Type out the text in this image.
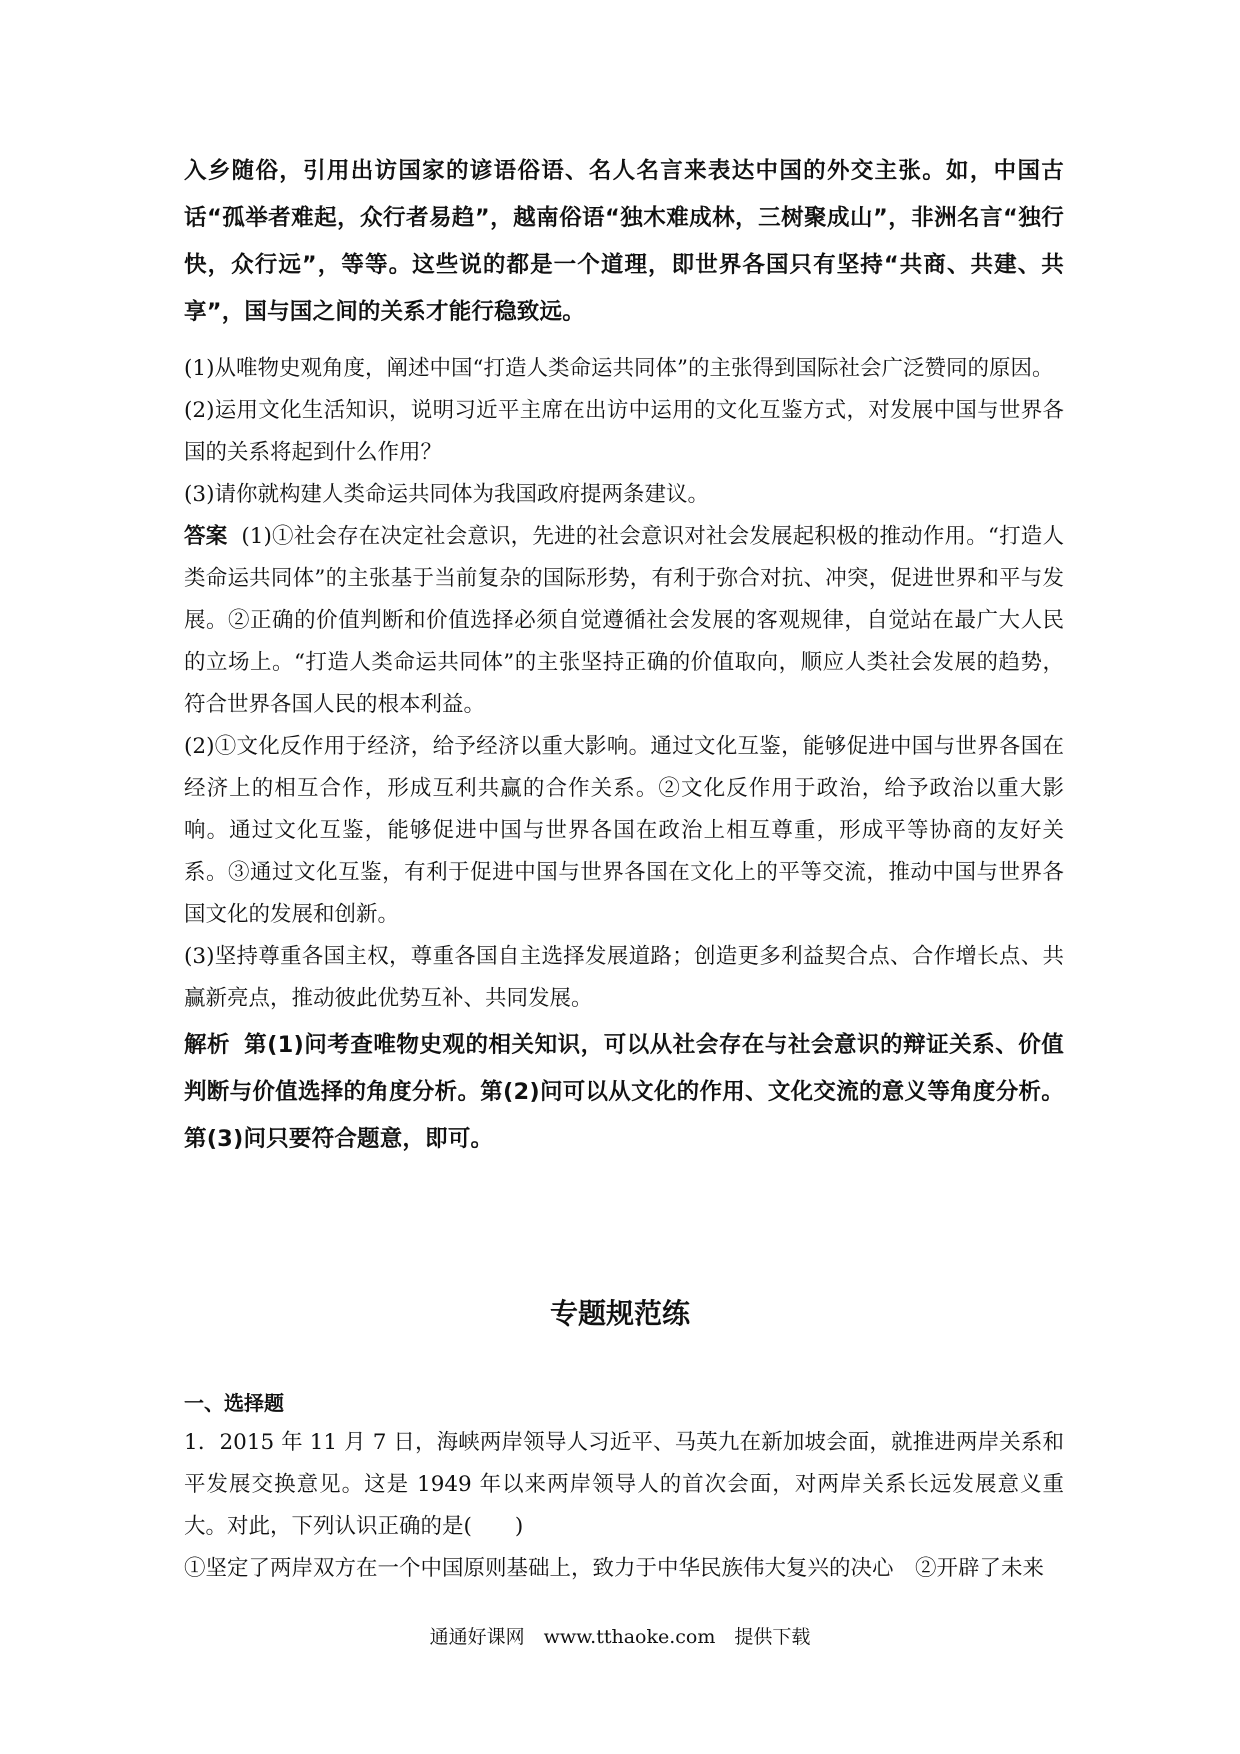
入乡随俗，引用出访国家的谚语俗语、名人名言来表达中国的外交主张。如，中国古话“孤举者难起，众行者易趋”，越南俗语“独木难成林，三树聚成山”，非洲名言“独行快，众行远”，等等。这些说的都是一个道理，即世界各国只有坚持“共商、共建、共享”，国与国之间的关系才能行稳致远。

(1)从唯物史观角度，阐述中国“打造人类命运共同体”的主张得到国际社会广泛赞同的原因。

(2)运用文化生活知识，说明习近平主席在出访中运用的文化互鉴方式，对发展中国与世界各国的关系将起到什么作用？

(3)请你就构建人类命运共同体为我国政府提两条建议。

答案 (1)①社会存在决定社会意识，先进的社会意识对社会发展起积极的推动作用。“打造人类命运共同体”的主张基于当前复杂的国际形势，有利于弥合对抗、冲突，促进世界和平与发展。②正确的价值判断和价值选择必须自觉遵循社会发展的客观规律，自觉站在最广大人民的立场上。“打造人类命运共同体”的主张坚持正确的价值取向，顺应人类社会发展的趋势，符合世界各国人民的根本利益。

(2)①文化反作用于经济，给予经济以重大影响。通过文化互鉴，能够促进中国与世界各国在经济上的相互合作，形成互利共赢的合作关系。②文化反作用于政治，给予政治以重大影响。通过文化互鉴，能够促进中国与世界各国在政治上相互尊重，形成平等协商的友好关系。③通过文化互鉴，有利于促进中国与世界各国在文化上的平等交流，推动中国与世界各国文化的发展和创新。

(3)坚持尊重各国主权，尊重各国自主选择发展道路；创造更多利益契合点、合作增长点、共赢新亮点，推动彼此优势互补、共同发展。

解析 第(1)问考查唯物史观的相关知识，可以从社会存在与社会意识的辩证关系、价值判断与价值选择的角度分析。第(2)问可以从文化的作用、文化交流的意义等角度分析。第(3)问只要符合题意，即可。

专题规范练

一、选择题

1．2015 年 11 月 7 日，海峡两岸领导人习近平、马英九在新加坡会面，就推进两岸关系和平发展交换意见。这是 1949 年以来两岸领导人的首次会面，对两岸关系长远发展意义重大。对此，下列认识正确的是(　　)

①坚定了两岸双方在一个中国原则基础上，致力于中华民族伟大复兴的决心　②开辟了未来

通通好课网　www.tthaoke.com　提供下载
